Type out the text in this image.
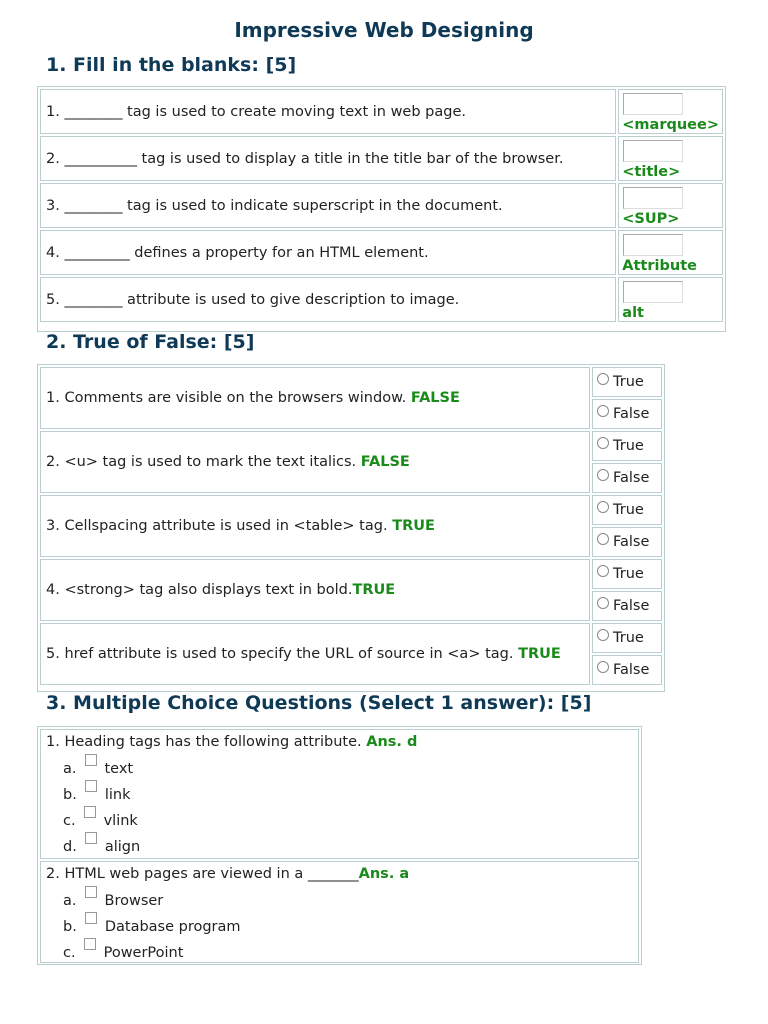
Impressive Web Designing
1. Fill in the blanks: [5]
1. ________ tag is used to create moving text in web page.	<marquee>

2. __________ tag is used to display a title in the title bar of the browser.	<title>

3. ________ tag is used to indicate superscript in the document.	<SUP>

4. _________ defines a property for an HTML element.	Attribute

5. ________ attribute is used to give description to image.	alt
2. True of False: [5]
1. Comments are visible on the browsers window. FALSE	True
	False
2. <u> tag is used to mark the text italics. FALSE	True
	False
3. Cellspacing attribute is used in <table> tag. TRUE	True
	False
4. <strong> tag also displays text in bold.TRUE	True
	False
5. href attribute is used to specify the URL of source in <a> tag. TRUE	True
	False
3. Multiple Choice Questions (Select 1 answer): [5]
1. Heading tags has the following attribute. Ans. d
a. text
b. link
c. vlink
d. align
2. HTML web pages are viewed in a _______Ans. a
a. Browser
b. Database program
c. PowerPoint
